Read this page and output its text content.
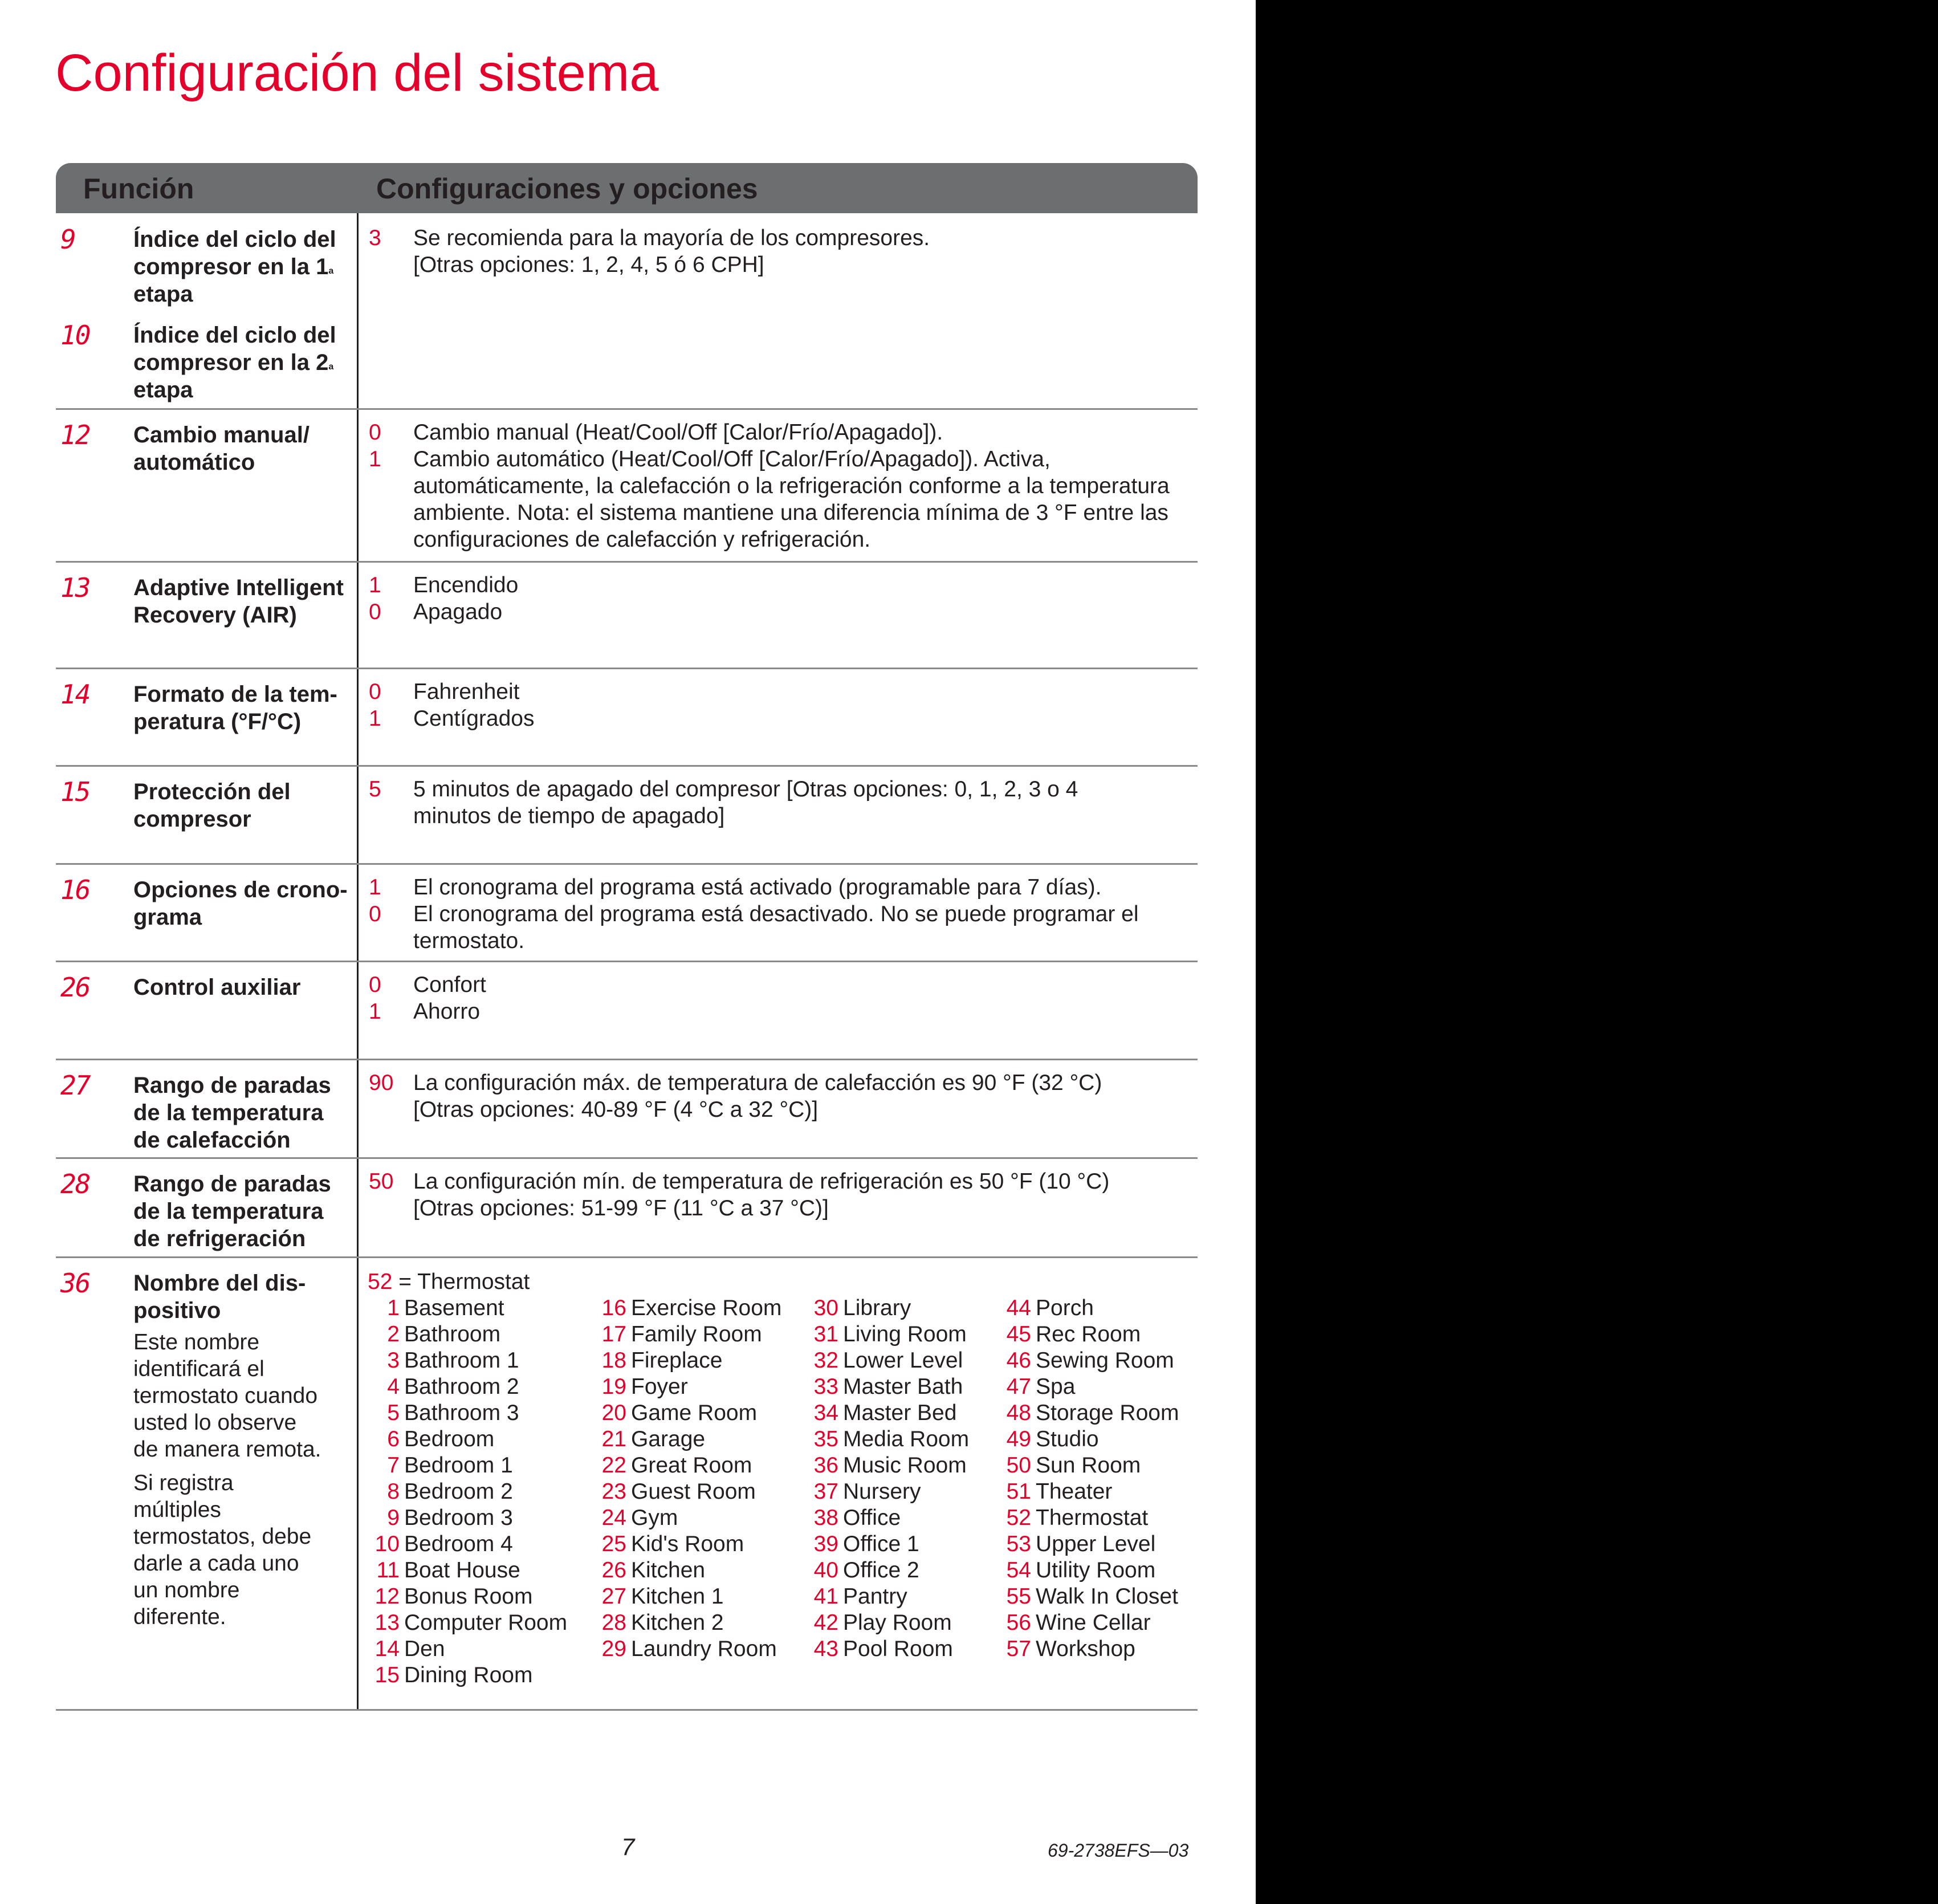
Configuración del sistema
Función	Configuraciones y opciones
9	Índice del ciclo del compresor en la 1$^a$
etapa
10	Índice del ciclo del compresor en la 2$^a$
etapa
3	Se recomienda para la mayoría de los compresores.
[Otras opciones: 1, 2, 4, 5 ó 6 CPH]
12	Cambio manual/ automático
0	Cambio manual (Heat/Cool/Off [Calor/Frío/Apagado]).
1	Cambio automático (Heat/Cool/Off [Calor/Frío/Apagado]). Activa, automáticamente, la calefacción o la refrigeración conforme a la temperatura ambiente. Nota: el sistema mantiene una diferencia mínima de 3 °F entre las configuraciones de calefacción y refrigeración.
13	Adaptive Intelligent Recovery (AIR)
1	Encendido
0	Apagado
14	Formato de la tem-peratura (°F/°C)
0	Fahrenheit
1	Centígrados
15	Protección del compresor
5	5 minutos de apagado del compresor [Otras opciones: 0, 1, 2, 3 o 4 minutos de tiempo de apagado]
16	Opciones de crono-grama
1	El cronograma del programa está activado (programable para 7 días).
0	El cronograma del programa está desactivado. No se puede programar el termostato.
26	Control auxiliar	0	Confort
1	Ahorro
27	Rango de paradas de la temperatura de calefacción
90 La configuración máx. de temperatura de calefacción es 90 °F (32 °C)
[Otras opciones: 40-89 °F (4 °C a 32 °C)]
28	Rango de paradas de la temperatura de refrigeración
50 La configuración mín. de temperatura de refrigeración es 50 °F (10 °C)
[Otras opciones: 51-99 °F (11 °C a 37 °C)]
36	Nombre del dis-positivo

Este nombre identificará el termostato cuando usted lo observe de manera remota.

Si registra múltiples termostatos, debe darle a cada uno un nombre diferente.

52 = Thermostat
1 Basement
2 Bathroom
3 Bathroom 1
4 Bathroom 2
5 Bathroom 3
6 Bedroom
7 Bedroom 1
8 Bedroom 2
9 Bedroom 3
10 Bedroom 4
11 Boat House
12 Bonus Room
13 Computer Room
14 Den
15 Dining Room
16 Exercise Room
17 Family Room
18 Fireplace
19 Foyer
20 Game Room
21 Garage
22 Great Room
23 Guest Room
24 Gym
25 Kid's Room
26 Kitchen
27 Kitchen 1
28 Kitchen 2
29 Laundry Room
30 Library
31 Living Room
32 Lower Level
33 Master Bath
34 Master Bed
35 Media Room
36 Music Room
37 Nursery
38 Office
39 Office 1
40 Office 2
41 Pantry
42 Play Room
43 Pool Room
44 Porch
45 Rec Room
46 Sewing Room
47 Spa
48 Storage Room
49 Studio
50 Sun Room
51 Theater
52 Thermostat
53 Upper Level
54 Utility Room
55 Walk In Closet
56 Wine Cellar
57 Workshop
7	69-2738EFS—03
